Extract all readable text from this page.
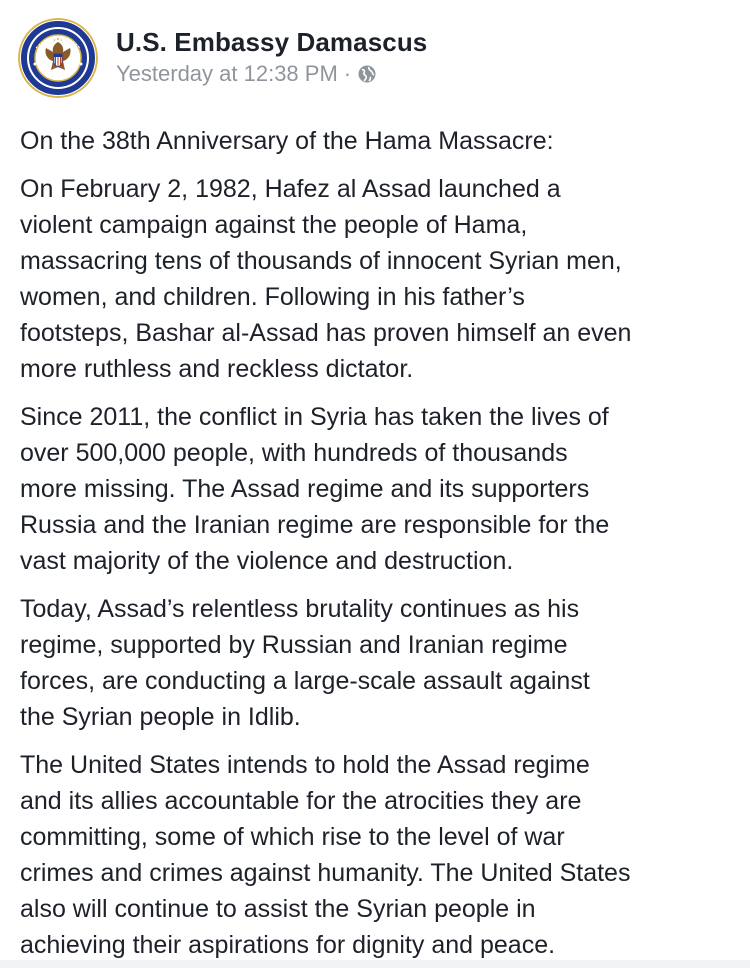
U.S. Embassy Damascus
Yesterday at 12:38 PM ·

On the 38th Anniversary of the Hama Massacre:

On February 2, 1982, Hafez al Assad launched a
violent campaign against the people of Hama,
massacring tens of thousands of innocent Syrian men,
women, and children. Following in his father’s
footsteps, Bashar al-Assad has proven himself an even
more ruthless and reckless dictator.

Since 2011, the conflict in Syria has taken the lives of
over 500,000 people, with hundreds of thousands
more missing. The Assad regime and its supporters
Russia and the Iranian regime are responsible for the
vast majority of the violence and destruction.

Today, Assad’s relentless brutality continues as his
regime, supported by Russian and Iranian regime
forces, are conducting a large-scale assault against
the Syrian people in Idlib.

The United States intends to hold the Assad regime
and its allies accountable for the atrocities they are
committing, some of which rise to the level of war
crimes and crimes against humanity. The United States
also will continue to assist the Syrian people in
achieving their aspirations for dignity and peace.
